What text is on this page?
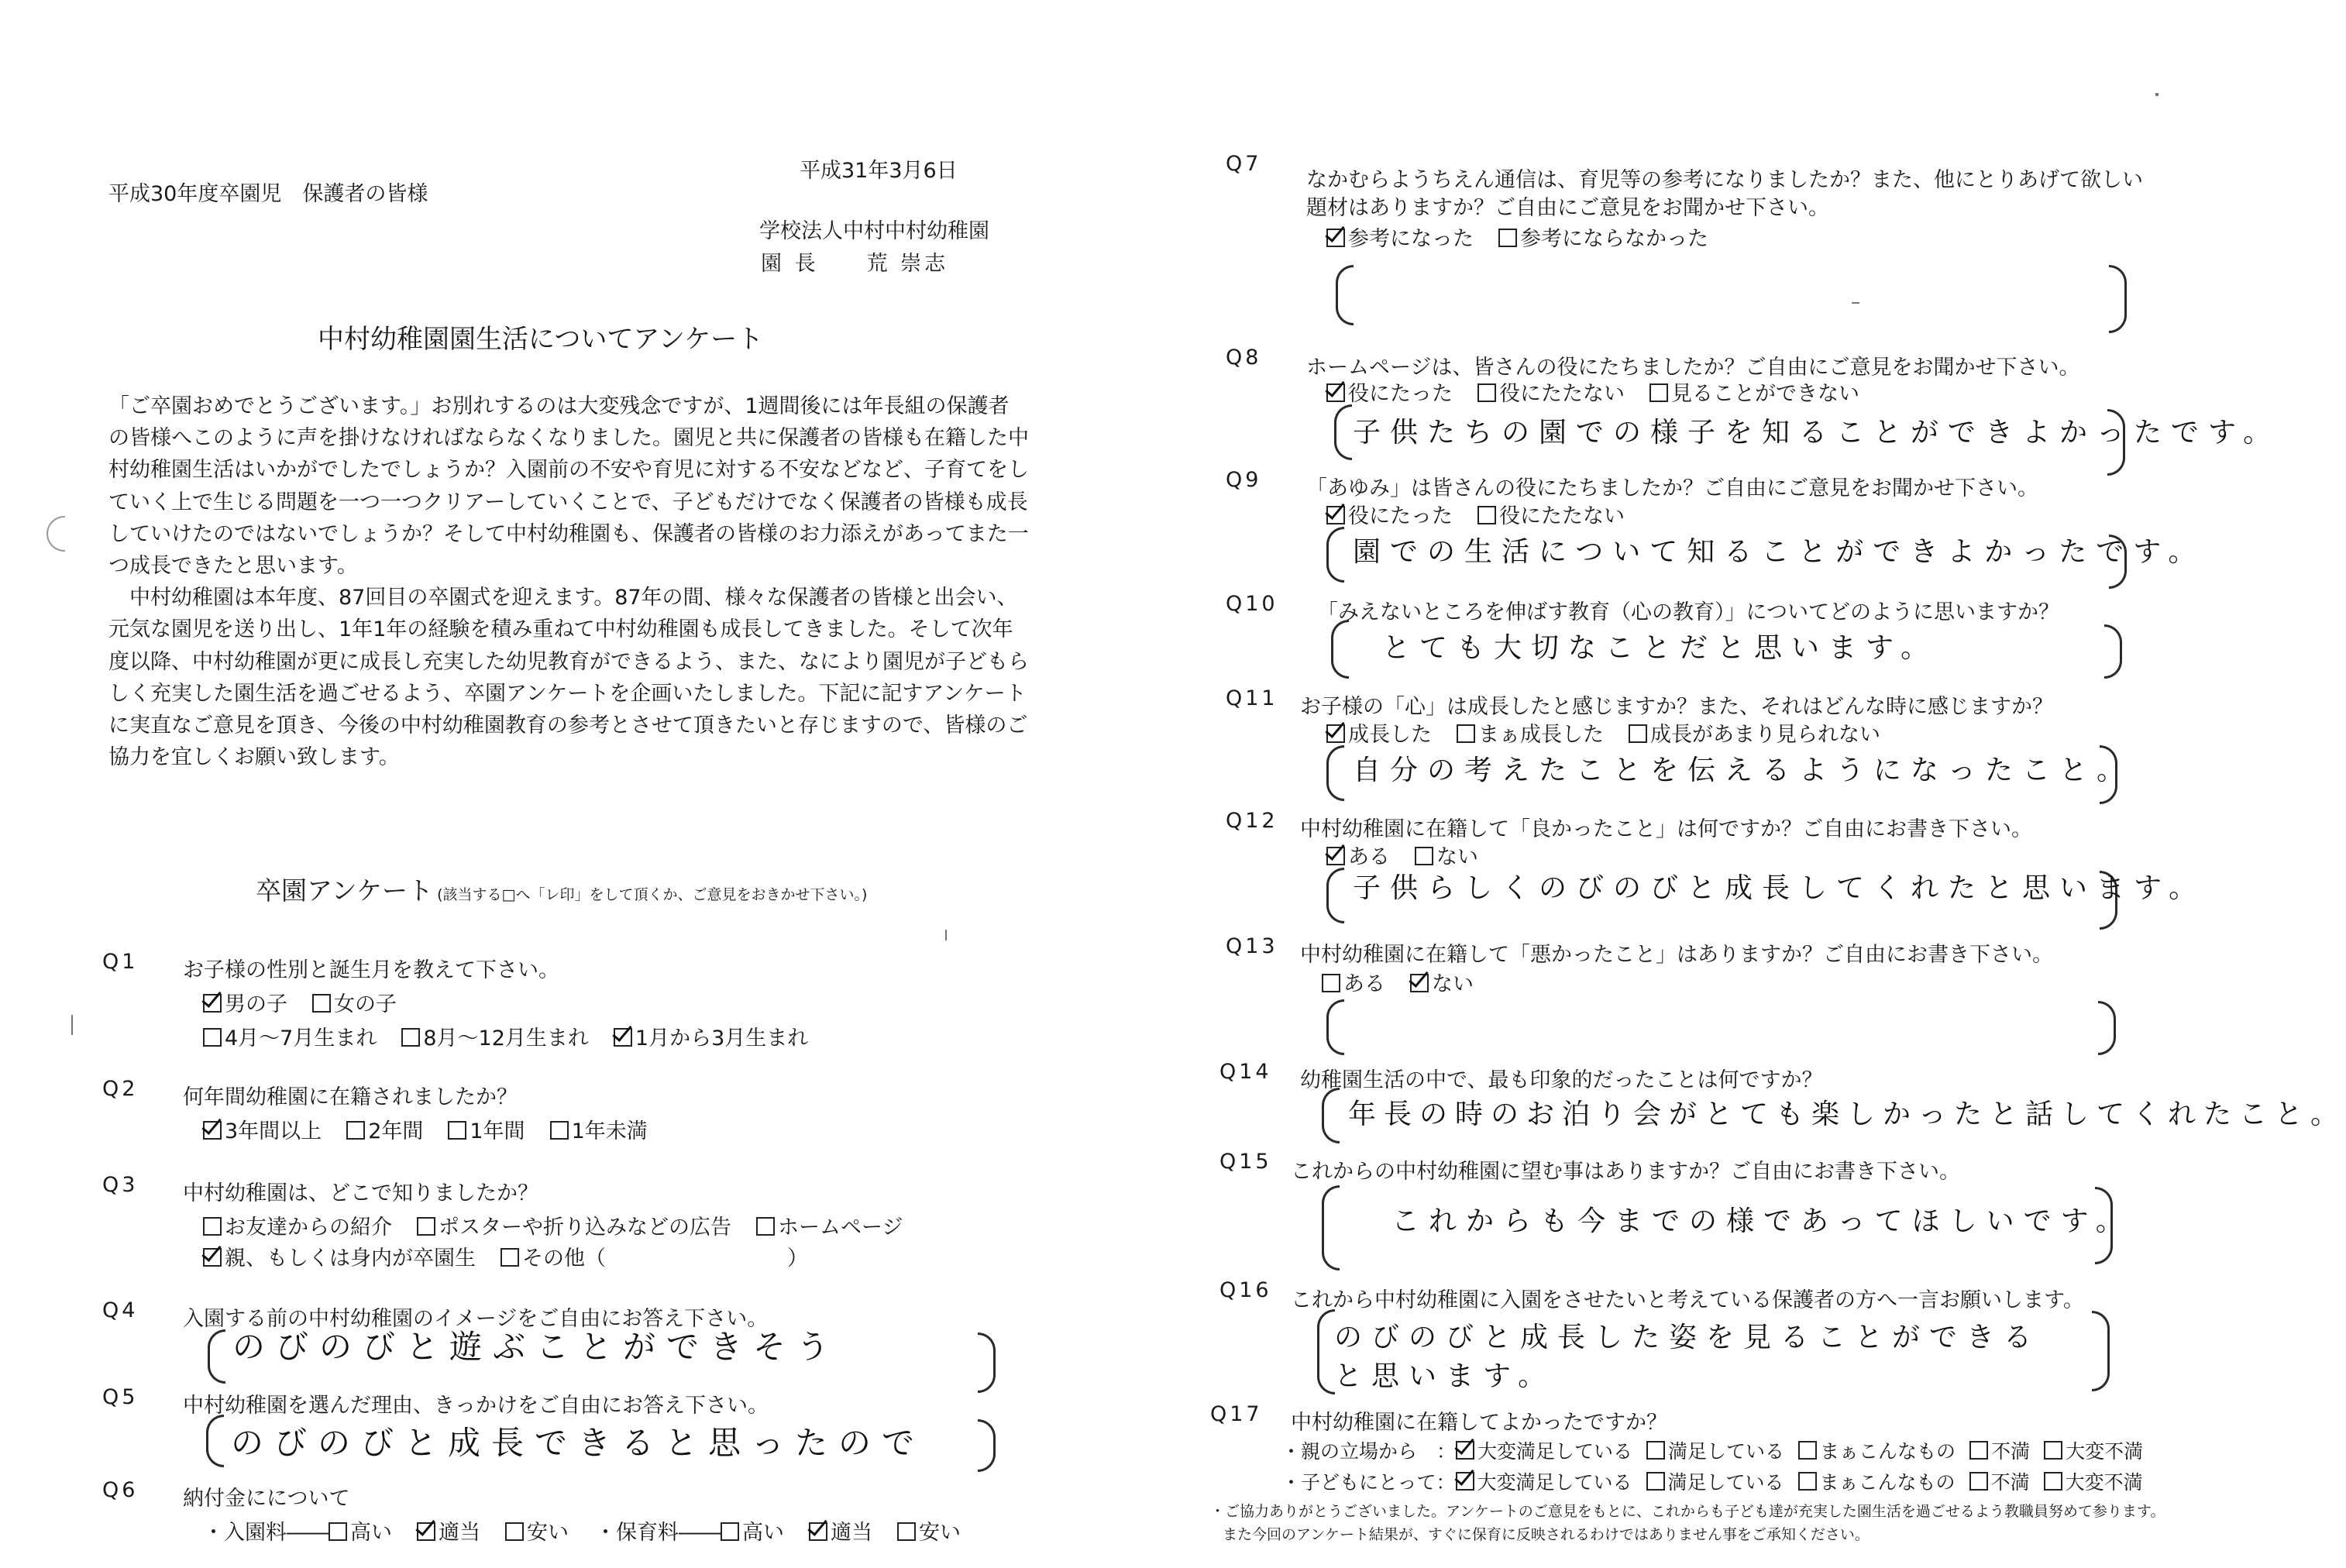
平成30年度卒園児　保護者の皆様
平成31年3月6日
学校法人中村中村幼稚園
園 長　　荒 崇志
中村幼稚園園生活についてアンケート
「ご卒園おめでとうございます。」お別れするのは大変残念ですが、1週間後には年長組の保護者
の皆様へこのように声を掛けなければならなくなりました。園児と共に保護者の皆様も在籍した中
村幼稚園生活はいかがでしたでしょうか？入園前の不安や育児に対する不安などなど、子育てをし
ていく上で生じる問題を一つ一つクリアーしていくことで、子どもだけでなく保護者の皆様も成長
していけたのではないでしょうか？そして中村幼稚園も、保護者の皆様のお力添えがあってまた一
つ成長できたと思います。
　中村幼稚園は本年度、87回目の卒園式を迎えます。87年の間、様々な保護者の皆様と出会い、
元気な園児を送り出し、1年1年の経験を積み重ねて中村幼稚園も成長してきました。そして次年
度以降、中村幼稚園が更に成長し充実した幼児教育ができるよう、また、なにより園児が子どもら
しく充実した園生活を過ごせるよう、卒園アンケートを企画いたしました。下記に記すアンケート
に実直なご意見を頂き、今後の中村幼稚園教育の参考とさせて頂きたいと存じますので、皆様のご
協力を宜しくお願い致します。
卒園アンケート (該当する□へ「レ印」をして頂くか、ご意見をおきかせ下さい。)
Q1 お子様の性別と誕生月を教えて下さい。
男の子 女の子
4月～7月生まれ 8月～12月生まれ 1月から3月生まれ
Q2 何年間幼稚園に在籍されましたか？
3年間以上 2年間 1年間 1年未満
Q3 中村幼稚園は、どこで知りましたか？
お友達からの紹介 ポスターや折り込みなどの広告 ホームページ
親、もしくは身内が卒園生 その他（	）
Q4 入園する前の中村幼稚園のイメージをご自由にお答え下さい。
のびのびと遊ぶことができそう
Q5 中村幼稚園を選んだ理由、きっかけをご自由にお答え下さい。
のびのびと成長できると思ったので
Q6 納付金にについて
・入園料―― 高い 適当 安い	・保育料―― 高い 適当 安い
Q7
なかむらようちえん通信は、育児等の参考になりましたか？また、他にとりあげて欲しい
題材はありますか？ご自由にご意見をお聞かせ下さい。
参考になった 参考にならなかった
Q8 ホームページは、皆さんの役にたちましたか？ご自由にご意見をお聞かせ下さい。
役にたった 役にたたない 見ることができない
子供たちの園での様子を知ることができよかったです。
Q9 「あゆみ」は皆さんの役にたちましたか？ご自由にご意見をお聞かせ下さい。
役にたった 役にたたない
園での生活について知ることができよかったです。
Q10 「みえないところを伸ばす教育（心の教育）」についてどのように思いますか？
とても大切なことだと思います。
Q11 お子様の「心」は成長したと感じますか？また、それはどんな時に感じますか？
成長した まぁ成長した 成長があまり見られない
自分の考えたことを伝えるようになったこと。
Q12 中村幼稚園に在籍して「良かったこと」は何ですか？ご自由にお書き下さい。
ある ない
子供らしくのびのびと成長してくれたと思います。
Q13 中村幼稚園に在籍して「悪かったこと」はありますか？ご自由にお書き下さい。
ある ない
Q14 幼稚園生活の中で、最も印象的だったことは何ですか？
年長の時のお泊り会がとても楽しかったと話してくれたこと。
Q15 これからの中村幼稚園に望む事はありますか？ご自由にお書き下さい。
これからも今までの様であってほしいです。
Q16 これから中村幼稚園に入園をさせたいと考えている保護者の方へ一言お願いします。
のびのびと成長した姿を見ることができる
と思います。
Q17 中村幼稚園に在籍してよかったですか？
・親の立場から　： 大変満足している 満足している まぁこんなもの 不満 大変不満
・子どもにとって： 大変満足している 満足している まぁこんなもの 不満 大変不満
・ご協力ありがとうございました。アンケートのご意見をもとに、これからも子ども達が充実した園生活を過ごせるよう教職員努めて参ります。
また今回のアンケート結果が、すぐに保育に反映されるわけではありません事をご承知ください。
